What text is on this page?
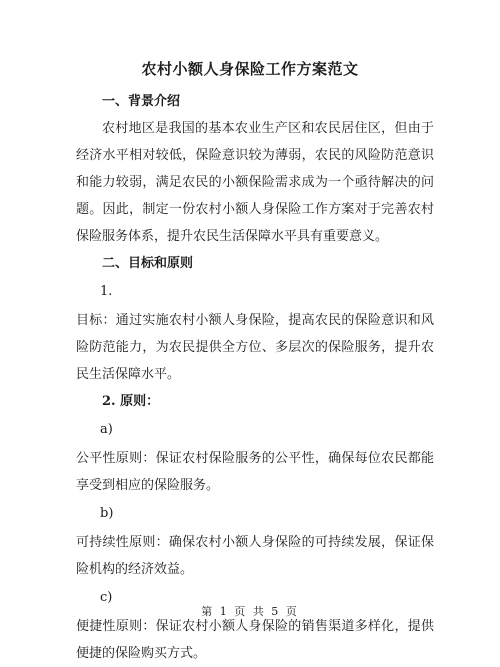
农村小额人身保险工作方案范文

一、背景介绍

农村地区是我国的基本农业生产区和农民居住区，但由于经济水平相对较低，保险意识较为薄弱，农民的风险防范意识和能力较弱，满足农民的小额保险需求成为一个亟待解决的问题。因此，制定一份农村小额人身保险工作方案对于完善农村保险服务体系，提升农民生活保障水平具有重要意义。

二、目标和原则

1.

目标：通过实施农村小额人身保险，提高农民的保险意识和风险防范能力，为农民提供全方位、多层次的保险服务，提升农民生活保障水平。

2. 原则：

a)

公平性原则：保证农村保险服务的公平性，确保每位农民都能享受到相应的保险服务。

b)

可持续性原则：确保农村小额人身保险的可持续发展，保证保险机构的经济效益。

c)

便捷性原则：保证农村小额人身保险的销售渠道多样化，提供便捷的保险购买方式。

第 1 页 共 5 页
